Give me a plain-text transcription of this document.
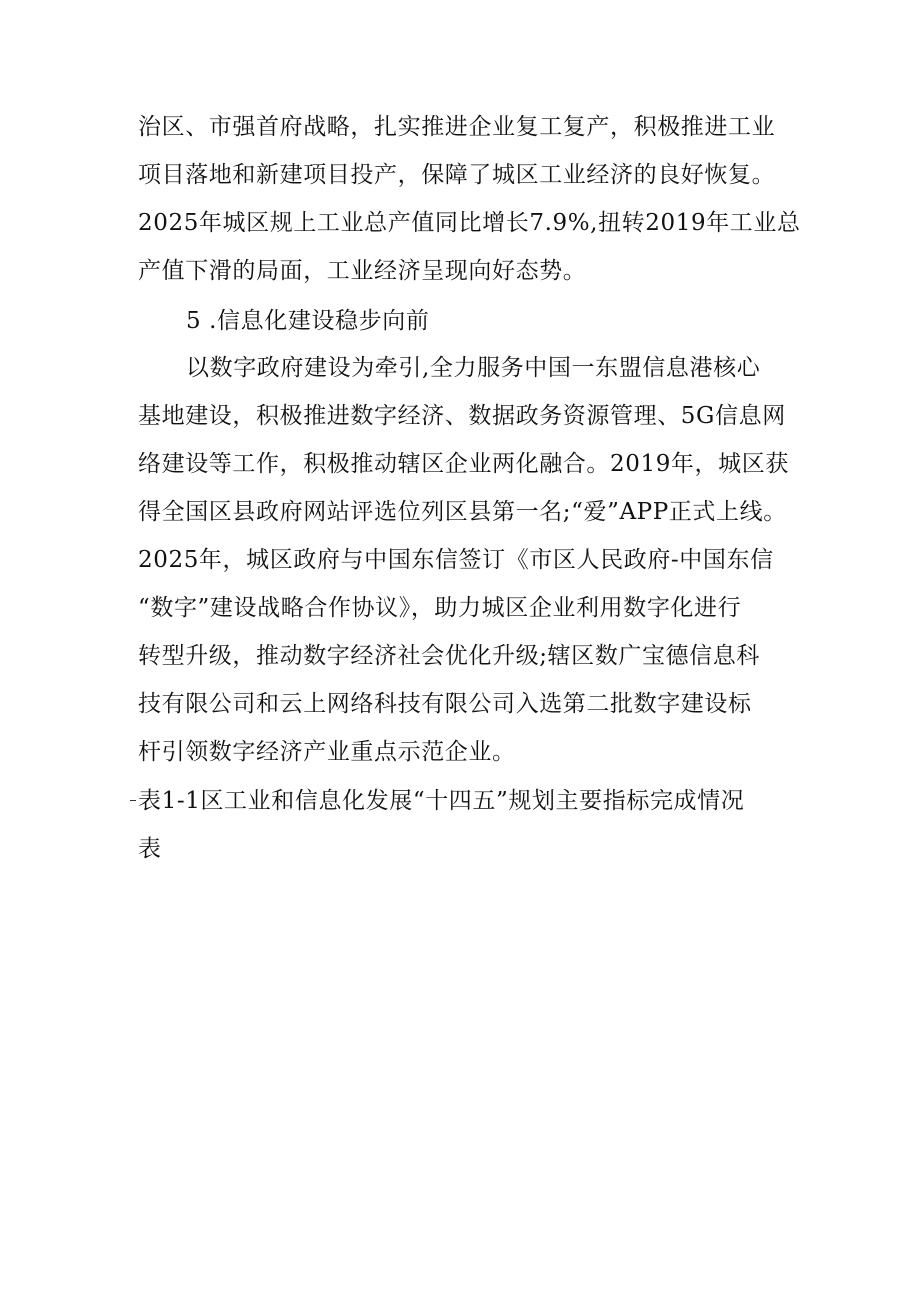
治区、市强首府战略，扎实推进企业复工复产，积极推进工业
项目落地和新建项目投产，保障了城区工业经济的良好恢复。
2025年城区规上工业总产值同比增长7.9%,扭转2019年工业总
产值下滑的局面，工业经济呈现向好态势。
5 .信息化建设稳步向前
以数字政府建设为牵引,全力服务中国一东盟信息港核心
基地建设，积极推进数字经济、数据政务资源管理、5G信息网
络建设等工作，积极推动辖区企业两化融合。2019年，城区获
得全国区县政府网站评选位列区县第一名;“爱”APP正式上线。
2025年，城区政府与中国东信签订《市区人民政府-中国东信
“数字”建设战略合作协议》，助力城区企业利用数字化进行
转型升级，推动数字经济社会优化升级;辖区数广宝德信息科
技有限公司和云上网络科技有限公司入选第二批数字建设标
杆引领数字经济产业重点示范企业。
表1-1区工业和信息化发展“十四五”规划主要指标完成情况
表
